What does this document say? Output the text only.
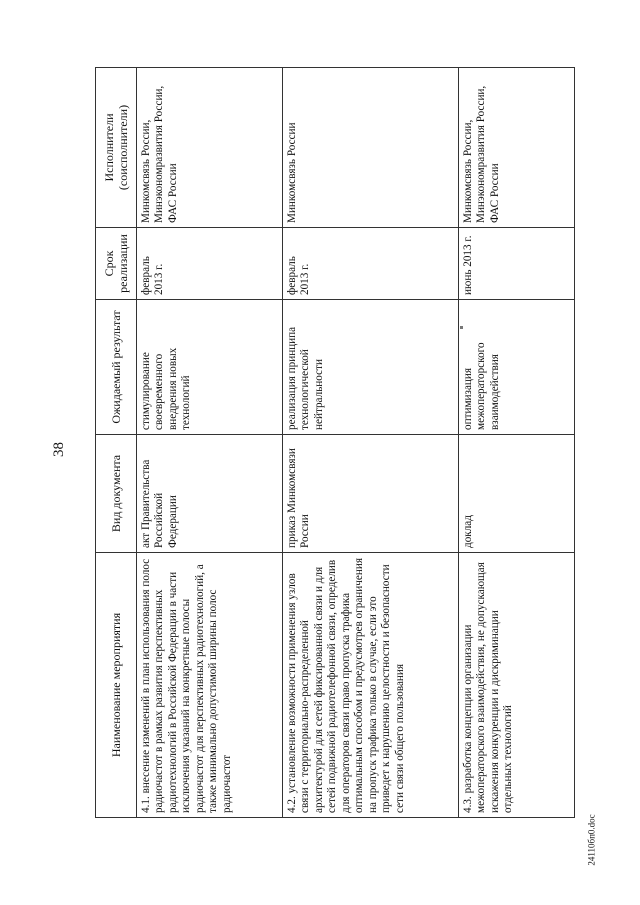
38
Наименование мероприятия	Вид документа	Ожидаемый результат	Срок реализации	Исполнители (соисполнители)
4.1. внесение изменений в план использования полос радиочастот в рамках развития перспективных радиотехнологий в Российской Федерации в части исключения указаний на конкретные полосы радиочастот для перспективных радиотехнологий, а также минимально допустимой ширины полос радиочастот	акт Правительства Российской Федерации	стимулирование своевременного внедрения новых технологий	февраль 2013 г.	Минкомсвязь России, Минэкономразвития России, ФАС России
4.2. установление возможности применения узлов связи с территориально-распределенной архитектурой для сетей фиксированной связи и для сетей подвижной радиотелефонной связи, определив для операторов связи право пропуска трафика оптимальным способом и предусмотрев ограничения на пропуск трафика только в случае, если это приведет к нарушению целостности и безопасности сети связи общего пользования	приказ Минкомсвязи России	реализация принципа технологической нейтральности	февраль 2013 г.	Минкомсвязь России
4.3. разработка концепции организации межоператорского взаимодействия, не допускающая искажения конкуренции и дискриминации отдельных технологий	доклад	оптимизация межоператорского взаимодействия	июнь 2013 г.	Минкомсвязь России, Минэкономразвития России, ФАС России
24110бп0.doc
